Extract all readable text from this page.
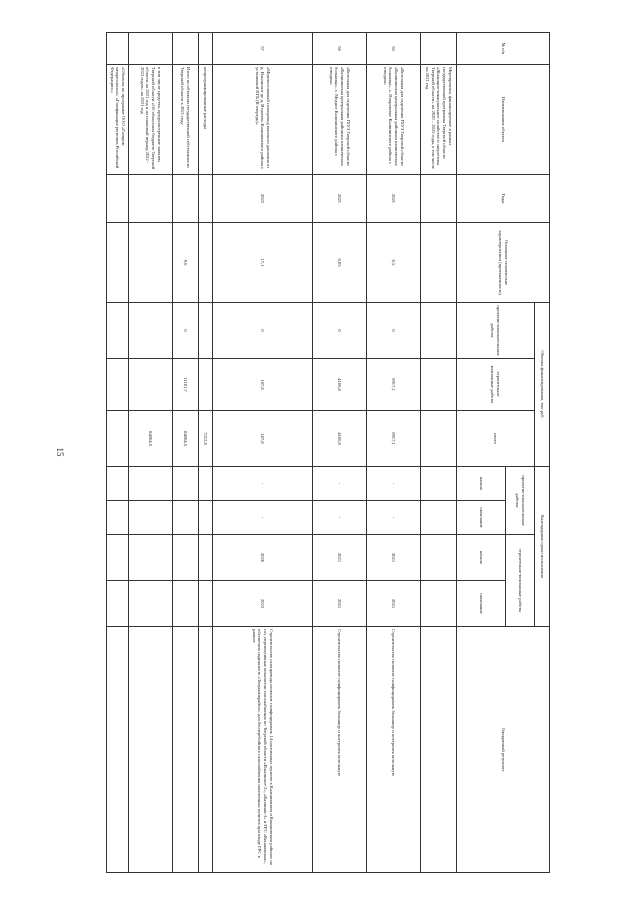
15
№ п/п	Наименование объекта	Годы	Основные технические характеристики (протяженность)	Объемы финансирования, тыс.руб.			Календарные сроки исполнения				Ожидаемый результат
				проектно-изыскательские работы	строительно-монтажные работы	итого	проектно-изыскательские работы		строительно-монтажные работы		
							начало	окончание	начало	окончание	
	Мероприятия, финансируемые в рамках государственной программы Тверской области «Жилищно-коммунальное хозяйство и энергетика Тверской области» на 2020 – 2025 годы, в том числе на 2021 год										
55	«Котельная для отделения ГБУЗ Тверской области «Калининская центральная районная клиническая больница», с. Покровское Калининского района с отводом»	2021	0,5	0	6917,1	6917,1	-	-	2021	2021	Строительство позволит газифицировать больницу и построить котельную
56	«Котельная для отделения ГБУЗ Тверской области «Калининская центральная районная клиническая больница», с. Медное Калининского района с отводом»	2021	0,05	0	4106,8	4106,8	-	-	2021	2021	Строительство позволит газифицировать больницу и построить котельную
57	«Межпоселковый газопровод высокого давления от д. Ильинское до д. Игнатово Калининского района с установкой ПГБ (II очередь)»	2022	17,1	0	187,8	187,8	-	-	2020	2022	Строительство газопровода позволит газифицировать 14 населенных пунктов в Калининском и Конаковском районах на газ, перспективные показатели газоснабжения по Тверской области «Ильинское-2», «Калинин-3» и ГРС «Конаковская», обеспечить надежность «Тверьмежрайгаз» для бесперебойного газоснабжения населенных пунктов при вводе ГРС в рамках
	непрограммированные расходы					7212,8					
	Итого по объектам государственной собственности Тверской области в 2021 году		9,6	0	11101,7	84004,5					
	в том числе средства, предусмотренные законом Тверской области «Об областном бюджете Тверской области на 2021 год и на плановый период 2022 - 2023 годов» на 2021 год					84004,5					
	«Объекты по программе ООО «Газпром межрегионгаз» «Газификация регионов Российской Федерации»»										
